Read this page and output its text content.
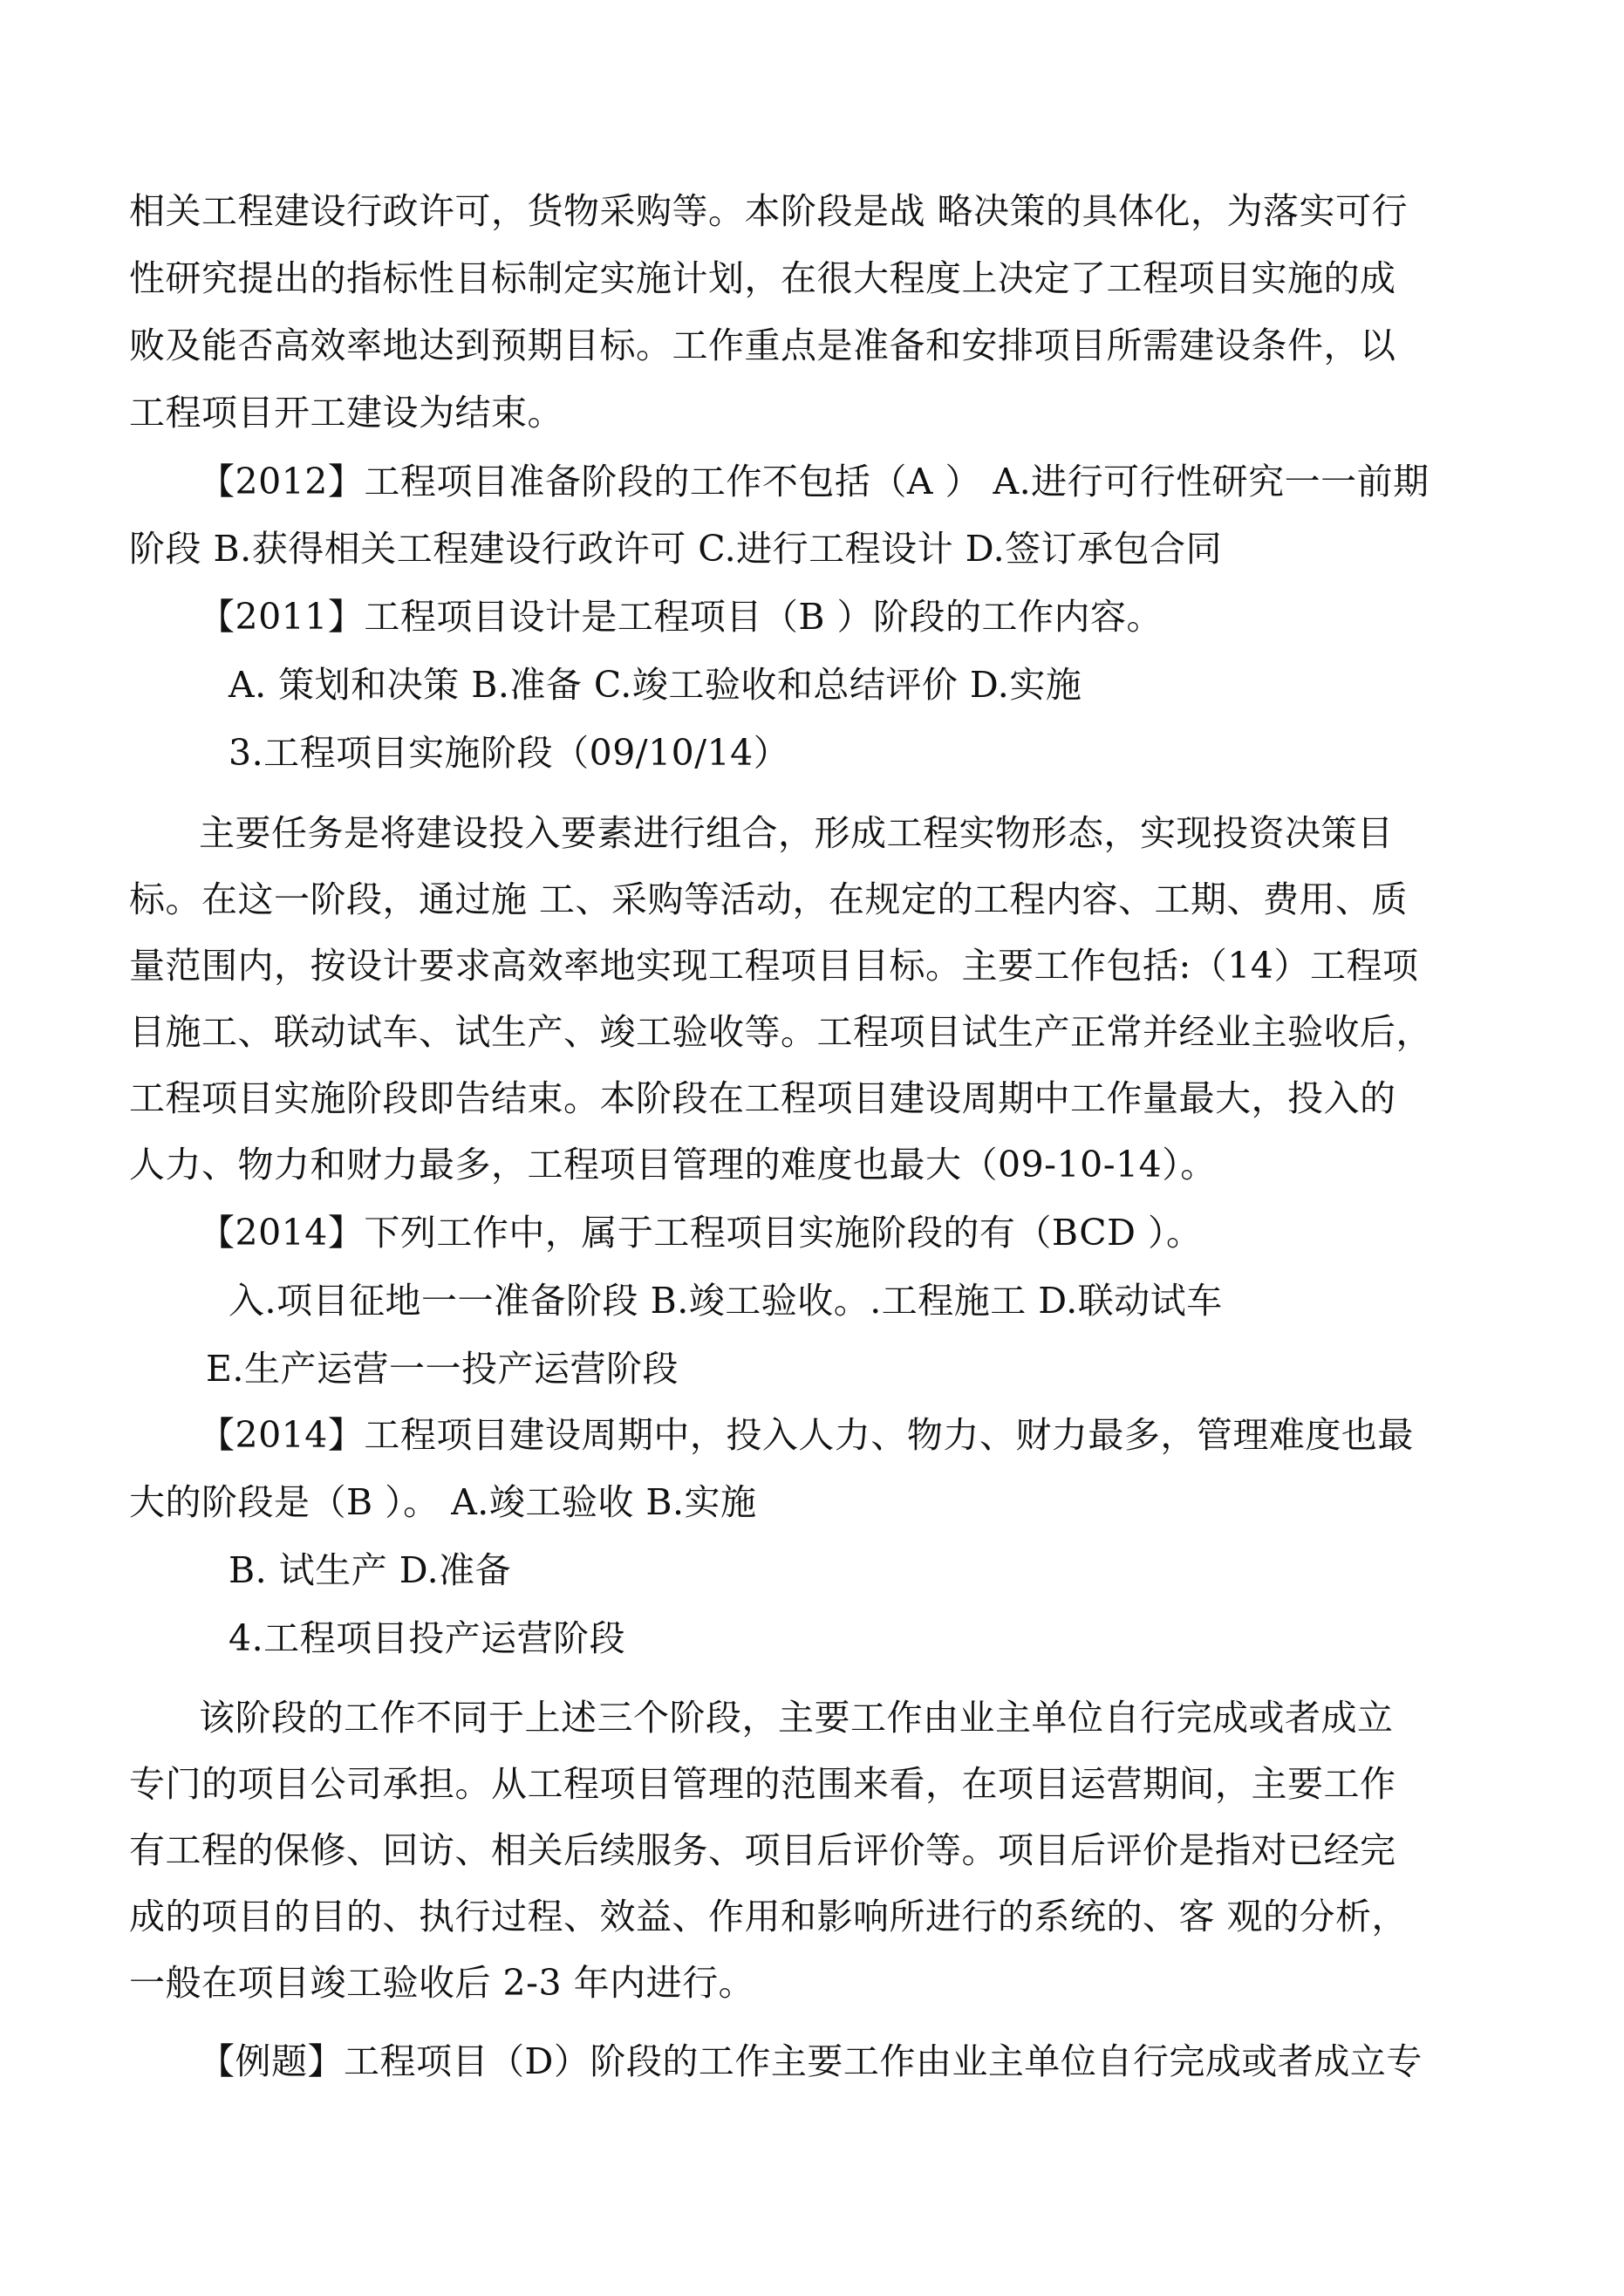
相关工程建设行政许可，货物采购等。本阶段是战 略决策的具体化，为落实可行
性研究提出的指标性目标制定实施计划，在很大程度上决定了工程项目实施的成
败及能否高效率地达到预期目标。工作重点是准备和安排项目所需建设条件，以
工程项目开工建设为结束。
【2012】工程项目准备阶段的工作不包括（A ） A.进行可行性研究一一前期
阶段 B.获得相关工程建设行政许可 C.进行工程设计 D.签订承包合同
【2011】工程项目设计是工程项目（B ）阶段的工作内容。
A. 策划和决策 B.准备 C.竣工验收和总结评价 D.实施
3.工程项目实施阶段（09/10/14）
主要任务是将建设投入要素进行组合，形成工程实物形态，实现投资决策目
标。在这一阶段，通过施 工、采购等活动，在规定的工程内容、工期、费用、质
量范围内，按设计要求高效率地实现工程项目目标。主要工作包括:（14）工程项
目施工、联动试车、试生产、竣工验收等。工程项目试生产正常并经业主验收后，
工程项目实施阶段即告结束。本阶段在工程项目建设周期中工作量最大，投入的
人力、物力和财力最多，工程项目管理的难度也最大（09-10-14）。
【2014】下列工作中，属于工程项目实施阶段的有（BCD ）。
入.项目征地一一准备阶段 B.竣工验收。.工程施工 D.联动试车
E.生产运营一一投产运营阶段
【2014】工程项目建设周期中，投入人力、物力、财力最多，管理难度也最
大的阶段是（B ）。 A.竣工验收 B.实施
B. 试生产 D.准备
4.工程项目投产运营阶段
该阶段的工作不同于上述三个阶段，主要工作由业主单位自行完成或者成立
专门的项目公司承担。从工程项目管理的范围来看，在项目运营期间，主要工作
有工程的保修、回访、相关后续服务、项目后评价等。项目后评价是指对已经完
成的项目的目的、执行过程、效益、作用和影响所进行的系统的、客 观的分析，
一般在项目竣工验收后 2-3 年内进行。
【例题】工程项目（D）阶段的工作主要工作由业主单位自行完成或者成立专
